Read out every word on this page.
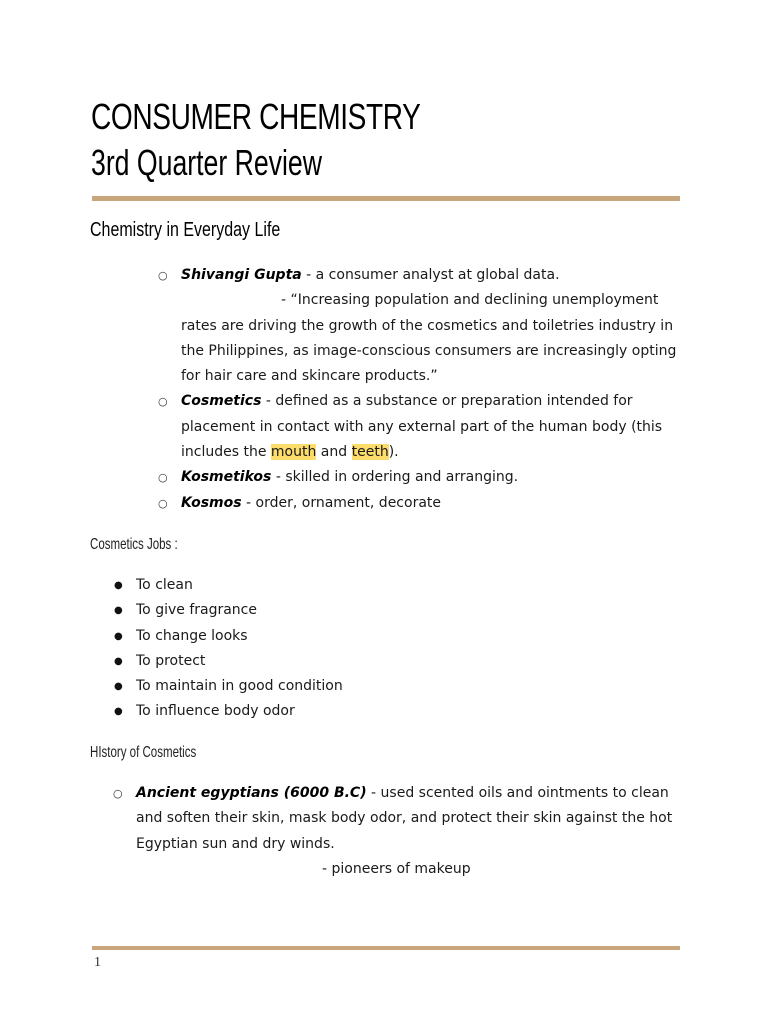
CONSUMER CHEMISTRY
3rd Quarter Review
Chemistry in Everyday Life
○ Shivangi Gupta - a consumer analyst at global data.
- “Increasing population and declining unemployment rates are driving the growth of the cosmetics and toiletries industry in the Philippines, as image-conscious consumers are increasingly opting for hair care and skincare products.”
○ Cosmetics - defined as a substance or preparation intended for placement in contact with any external part of the human body (this includes the mouth and teeth).
○ Kosmetikos - skilled in ordering and arranging.
○ Kosmos - order, ornament, decorate
Cosmetics Jobs :
● To clean
● To give fragrance
● To change looks
● To protect
● To maintain in good condition
● To influence body odor
HIstory of Cosmetics
○ Ancient egyptians (6000 B.C) - used scented oils and ointments to clean and soften their skin, mask body odor, and protect their skin against the hot Egyptian sun and dry winds.
- pioneers of makeup

1
